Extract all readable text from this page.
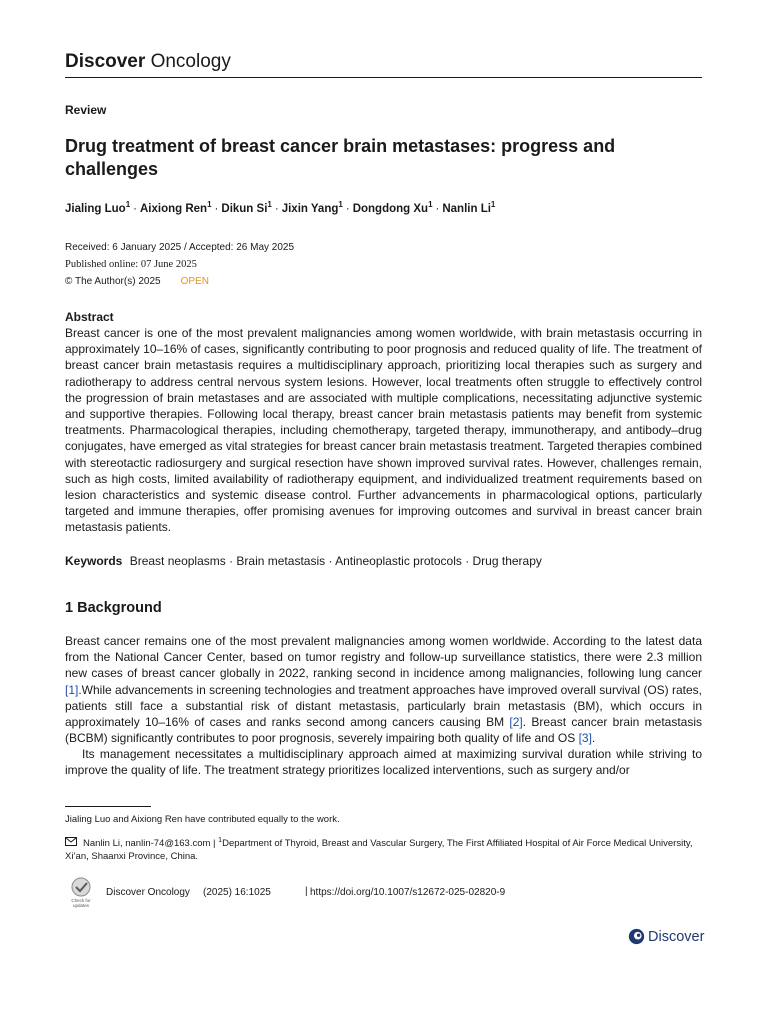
Discover Oncology
Review
Drug treatment of breast cancer brain metastases: progress and challenges
Jialing Luo$^1$ · Aixiong Ren$^1$ · Dikun $Si^1$ · Jixin Yang$^1$ · Dongdong $Xu^1$ · Nanlin Li$^1$
Received: 6 January 2025 / Accepted: 26 May 2025
Published online: 07 June 2025
© The Author(s) 2025 OPEN
Abstract

Breast cancer is one of the most prevalent malignancies among women worldwide, with brain metastasis occurring in approximately 10–16% of cases, significantly contributing to poor prognosis and reduced quality of life. The treatment of breast cancer brain metastasis requires a multidisciplinary approach, prioritizing local therapies such as surgery and radiotherapy to address central nervous system lesions. However, local treatments often struggle to effectively control the progression of brain metastases and are associated with multiple complications, necessitating adjunctive systemic and supportive therapies. Following local therapy, breast cancer brain metastasis patients may benefit from systemic treatments. Pharmacological therapies, including chemotherapy, targeted therapy, immunotherapy, and antibody–drug conjugates, have emerged as vital strategies for breast cancer brain metastasis treatment. Targeted therapies combined with stereotactic radiosurgery and surgical resection have shown improved survival rates. However, challenges remain, such as high costs, limited availability of radiotherapy equipment, and individualized treatment requirements based on lesion characteristics and systemic disease control. Further advancements in pharmacological options, particularly targeted and immune therapies, offer promising avenues for improving outcomes and survival in breast cancer brain metastasis patients.

Keywords Breast neoplasms · Brain metastasis · Antineoplastic protocols · Drug therapy
1 Background

Breast cancer remains one of the most prevalent malignancies among women worldwide. According to the latest data from the National Cancer Center, based on tumor registry and follow-up surveillance statistics, there were 2.3 million new cases of breast cancer globally in 2022, ranking second in incidence among malignancies, following lung cancer [1].While advancements in screening technologies and treatment approaches have improved overall survival (OS) rates, patients still face a substantial risk of distant metastasis, particularly brain metastasis (BM), which occurs in approximately 10–16% of cases and ranks second among cancers causing BM [2]. Breast cancer brain metastasis (BCBM) significantly contributes to poor prognosis, severely impairing both quality of life and OS [3].

Its management necessitates a multidisciplinary approach aimed at maximizing survival duration while striving to improve the quality of life. The treatment strategy prioritizes localized interventions, such as surgery and/or

Jialing Luo and Aixiong Ren have contributed equally to the work.

Nanlin Li, nanlin-74@163.com | $^1$Department of Thyroid, Breast and Vascular Surgery, The First Affiliated Hospital of Air Force Medical University, Xi’an, Shaanxi Province, China.

Check for
updates
Discover Oncology (2025) 16:1025	| https://doi.org/10.1007/s12672-025-02820-9
Discover
